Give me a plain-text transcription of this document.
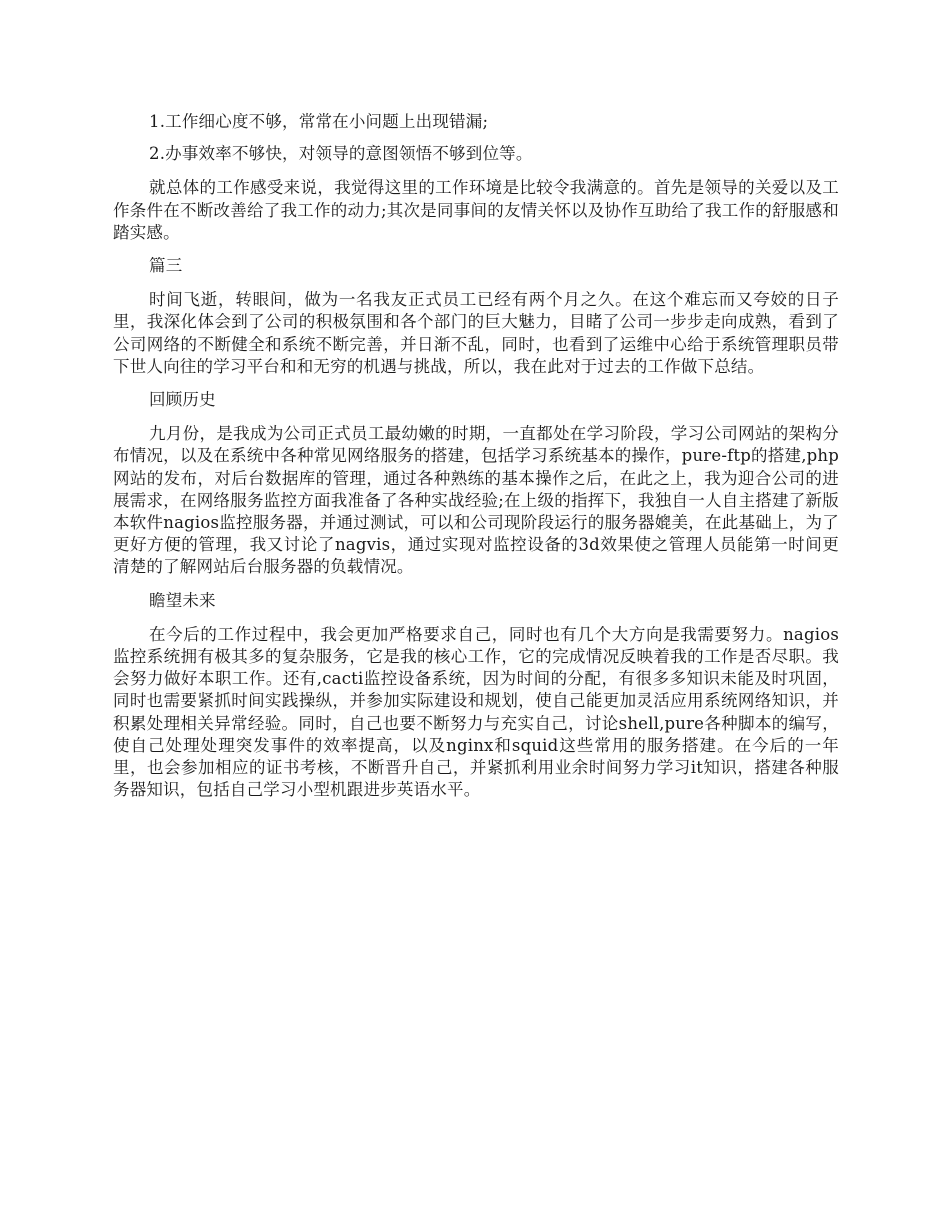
1.工作细心度不够，常常在小问题上出现错漏;

2.办事效率不够快，对领导的意图领悟不够到位等。

就总体的工作感受来说，我觉得这里的工作环境是比较令我满意的。首先是领导的关爱以及工作条件在不断改善给了我工作的动力;其次是同事间的友情关怀以及协作互助给了我工作的舒服感和踏实感。

篇三

时间飞逝，转眼间，做为一名我友正式员工已经有两个月之久。在这个难忘而又夸姣的日子里，我深化体会到了公司的积极氛围和各个部门的巨大魅力，目睹了公司一步步走向成熟，看到了公司网络的不断健全和系统不断完善，并日渐不乱，同时，也看到了运维中心给于系统管理职员带下世人向往的学习平台和和无穷的机遇与挑战，所以，我在此对于过去的工作做下总结。

回顾历史

九月份，是我成为公司正式员工最幼嫩的时期，一直都处在学习阶段，学习公司网站的架构分布情况，以及在系统中各种常见网络服务的搭建，包括学习系统基本的操作，pure-ftp的搭建,php网站的发布，对后台数据库的管理，通过各种熟练的基本操作之后，在此之上，我为迎合公司的进展需求，在网络服务监控方面我准备了各种实战经验;在上级的指挥下，我独自一人自主搭建了新版本软件nagios监控服务器，并通过测试，可以和公司现阶段运行的服务器媲美，在此基础上，为了更好方便的管理，我又讨论了nagvis，通过实现对监控设备的3d效果使之管理人员能第一时间更清楚的了解网站后台服务器的负载情况。

瞻望未来

在今后的工作过程中，我会更加严格要求自己，同时也有几个大方向是我需要努力。nagios监控系统拥有极其多的复杂服务，它是我的核心工作，它的完成情况反映着我的工作是否尽职。我会努力做好本职工作。还有,cacti监控设备系统，因为时间的分配，有很多多知识未能及时巩固，同时也需要紧抓时间实践操纵，并参加实际建设和规划，使自己能更加灵活应用系统网络知识，并积累处理相关异常经验。同时，自己也要不断努力与充实自己，讨论shell,pure各种脚本的编写，使自己处理处理突发事件的效率提高，以及nginx和squid这些常用的服务搭建。在今后的一年里，也会参加相应的证书考核，不断晋升自己，并紧抓利用业余时间努力学习it知识，搭建各种服务器知识，包括自己学习小型机跟进步英语水平。
